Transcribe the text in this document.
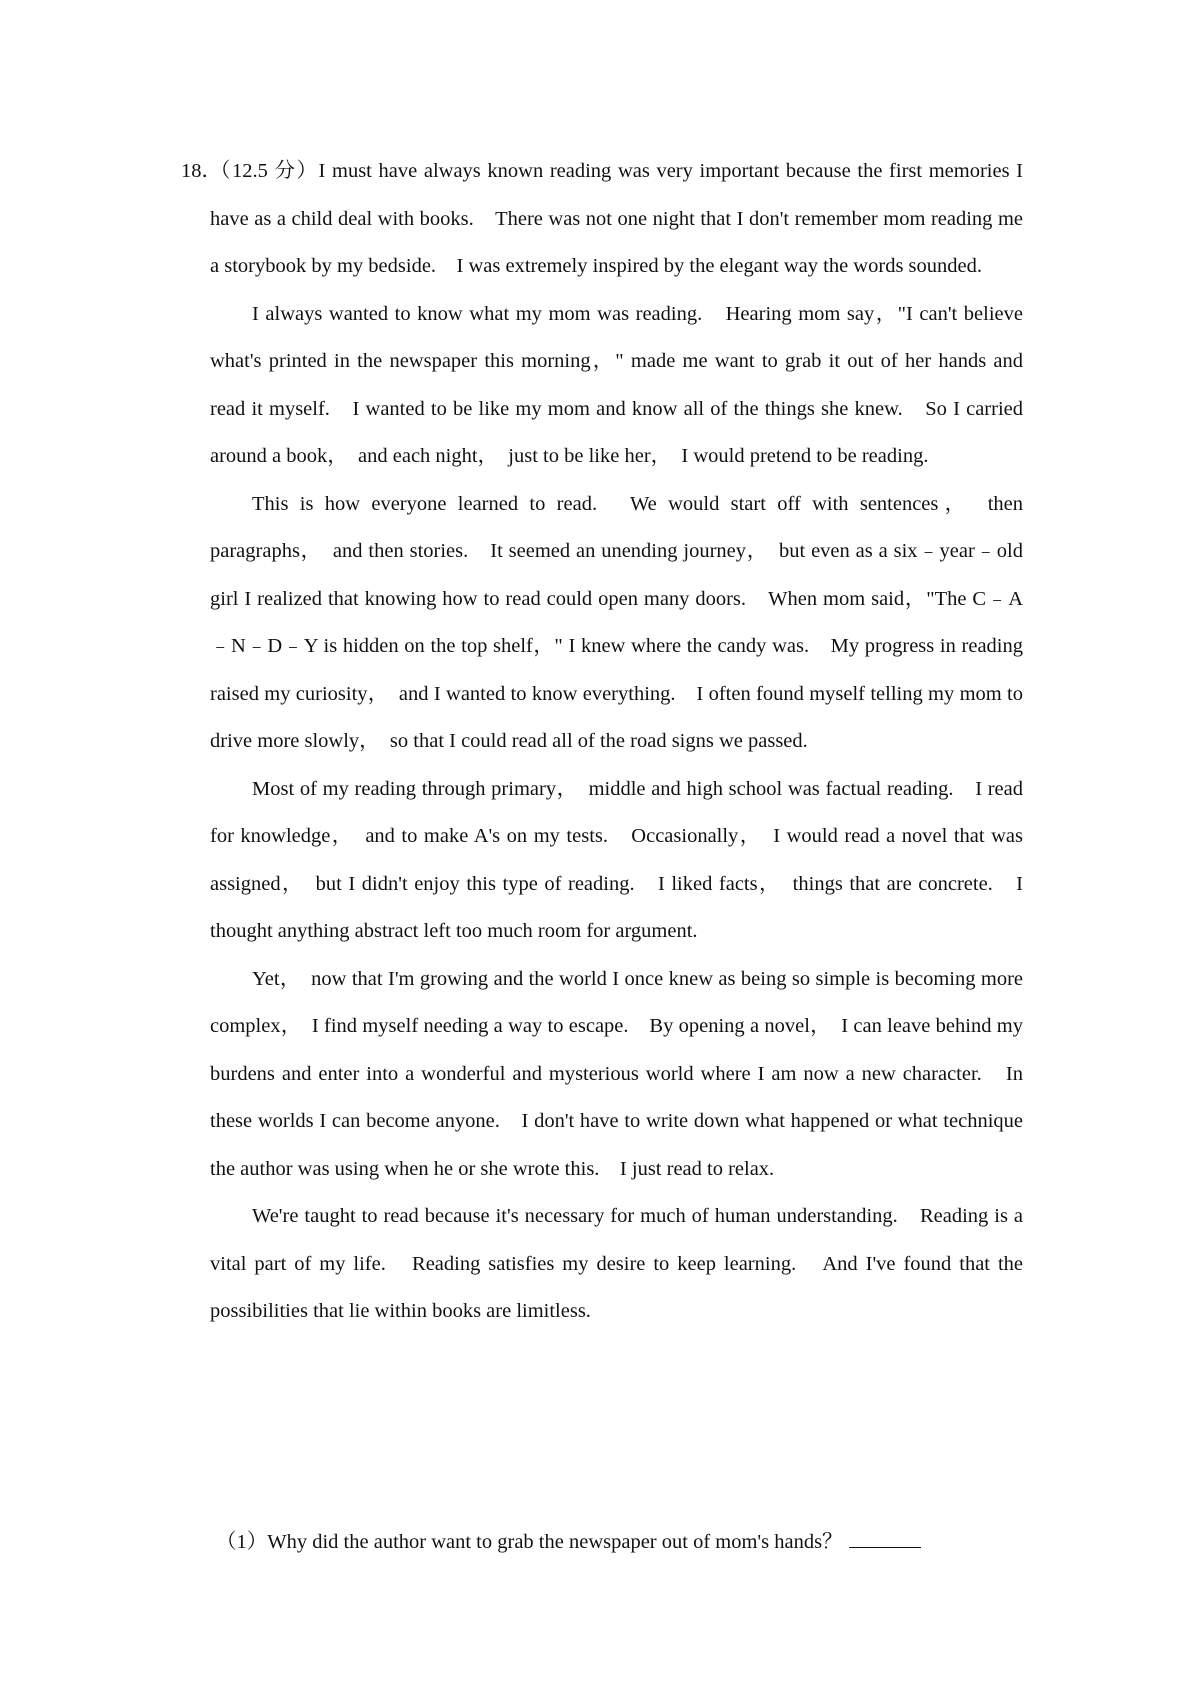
18．
（12.5 分）I must have always known reading was very important because the first memories I have as a child deal with books.　There was not one night that I don't remember mom reading me a storybook by my bedside.　I was extremely inspired by the elegant way the words sounded.

I always wanted to know what my mom was reading.　Hearing mom say，"I can't believe what's printed in the newspaper this morning，" made me want to grab it out of her hands and read it myself.　I wanted to be like my mom and know all of the things she knew.　So I carried around a book，　and each night，　just to be like her，　I would pretend to be reading.

This is how everyone learned to read.　We would start off with sentences，　then paragraphs，　and then stories.　It seemed an unending journey，　but even as a six﹣year﹣old girl I realized that knowing how to read could open many doors.　When mom said，"The C﹣A﹣N﹣D﹣Y is hidden on the top shelf，" I knew where the candy was.　My progress in reading raised my curiosity，　and I wanted to know everything.　I often found myself telling my mom to drive more slowly，　so that I could read all of the road signs we passed.

Most of my reading through primary，　middle and high school was factual reading.　I read for knowledge，　and to make A's on my tests.　Occasionally，　I would read a novel that was assigned，　but I didn't enjoy this type of reading.　I liked facts，　things that are concrete.　I thought anything abstract left too much room for argument.

Yet，　now that I'm growing and the world I once knew as being so simple is becoming more complex，　I find myself needing a way to escape.　By opening a novel，　I can leave behind my burdens and enter into a wonderful and mysterious world where I am now a new character.　In these worlds I can become anyone.　I don't have to write down what happened or what technique the author was using when he or she wrote this.　I just read to relax.

We're taught to read because it's necessary for much of human understanding.　Reading is a vital part of my life.　Reading satisfies my desire to keep learning.　And I've found that the possibilities that lie within books are limitless.

（1）Why did the author want to grab the newspaper out of mom's hands？
